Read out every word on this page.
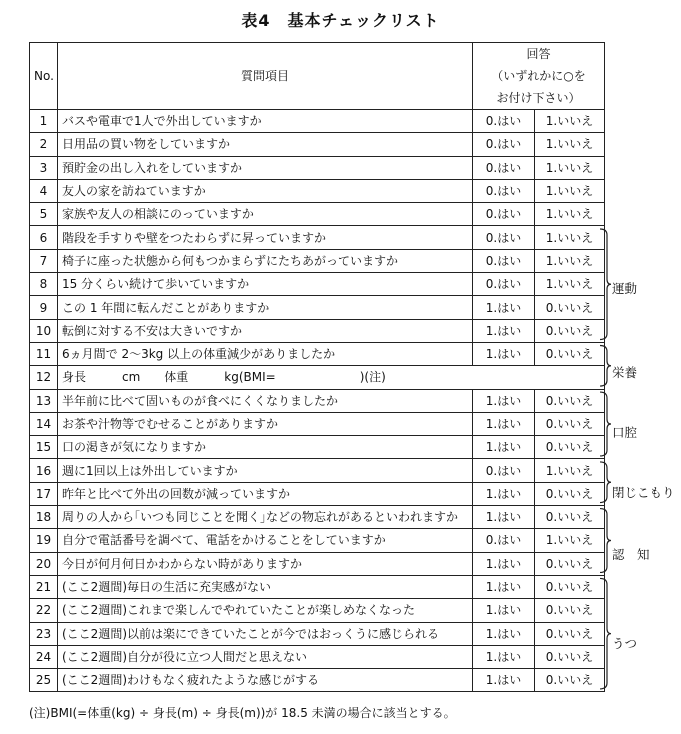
表4　基本チェックリスト
No.	質問項目	回答
（いずれかに○を
お付け下さい）	

1	バスや電車で1人で外出していますか	0.はい	1.いいえ
2	日用品の買い物をしていますか	0.はい	1.いいえ
3	預貯金の出し入れをしていますか	0.はい	1.いいえ
4	友人の家を訪ねていますか	0.はい	1.いいえ
5	家族や友人の相談にのっていますか	0.はい	1.いいえ
6	階段を手すりや壁をつたわらずに昇っていますか	0.はい	1.いいえ
7	椅子に座った状態から何もつかまらずにたちあがっていますか	0.はい	1.いいえ
8	15 分くらい続けて歩いていますか	0.はい	1.いいえ
9	この 1 年間に転んだことがありますか	1.はい	0.いいえ
10	転倒に対する不安は大きいですか	1.はい	0.いいえ
11	6ヵ月間で 2～3kg 以上の体重減少がありましたか	1.はい	0.いいえ
12	身長　　　cm　　体重　　　kg(BMI=　　　　　　　)(注)		
13	半年前に比べて固いものが食べにくくなりましたか	1.はい	0.いいえ
14	お茶や汁物等でむせることがありますか	1.はい	0.いいえ
15	口の渇きが気になりますか	1.はい	0.いいえ
16	週に1回以上は外出していますか	0.はい	1.いいえ
17	昨年と比べて外出の回数が減っていますか	1.はい	0.いいえ
18	周りの人から｢いつも同じことを聞く｣などの物忘れがあるといわれますか	1.はい	0.いいえ
19	自分で電話番号を調べて、電話をかけることをしていますか	0.はい	1.いいえ
20	今日が何月何日かわからない時がありますか	1.はい	0.いいえ
21	(ここ2週間)毎日の生活に充実感がない	1.はい	0.いいえ
22	(ここ2週間)これまで楽しんでやれていたことが楽しめなくなった	1.はい	0.いいえ
23	(ここ2週間)以前は楽にできていたことが今ではおっくうに感じられる	1.はい	0.いいえ
24	(ここ2週間)自分が役に立つ人間だと思えない	1.はい	0.いいえ
25	(ここ2週間)わけもなく疲れたような感じがする	1.はい	0.いいえ
運動
栄養
口腔
閉じこもり
認　知
うつ
(注)BMI(=体重(kg) ÷ 身長(m) ÷ 身長(m))が 18.5 未満の場合に該当とする。
